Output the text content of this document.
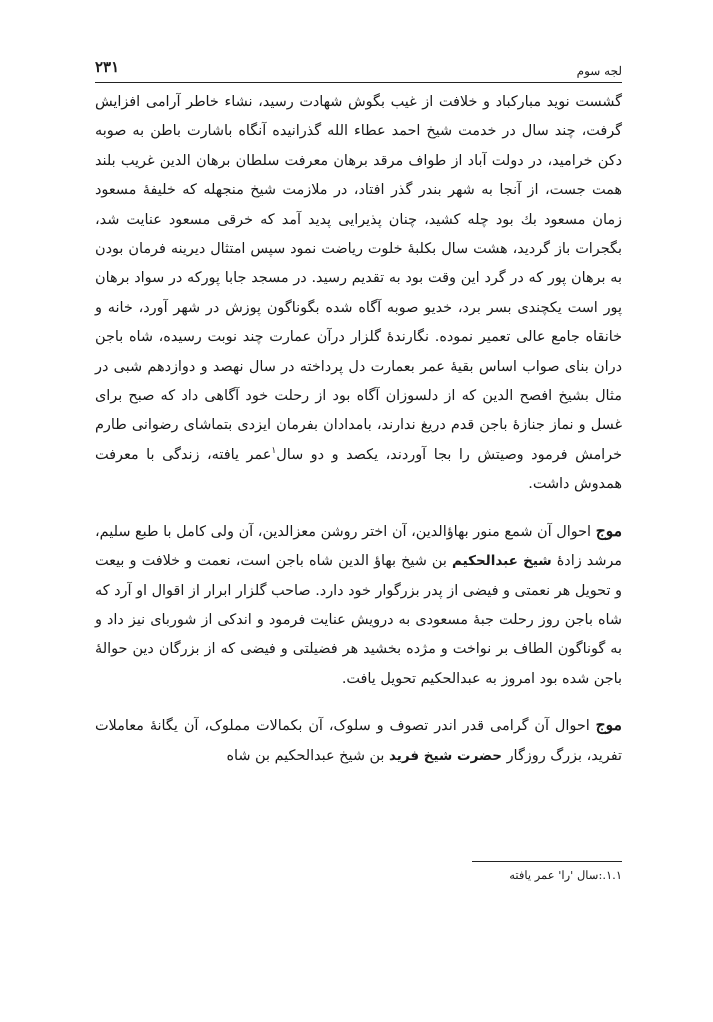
لجه سوم
۲۳۱

گشست نوید مبارکباد و خلافت از غیب بگوش شهادت رسید، نشاء خاطر آرامی افزایش گرفت، چند سال در خدمت شیخ احمد عطاء الله گذرانیده آنگاه باشارت باطن به صوبه دکن خرامید، در دولت آباد از طواف مرقد برهان معرفت سلطان برهان الدین غریب بلند همت جست، از آنجا به شهر بندر گذر افتاد، در ملازمت شیخ منجهله که خلیفهٔ مسعود زمان مسعود بك بود چله کشید، چنان پذیرایی پدید آمد که خرقی مسعود عنایت شد، بگجرات باز گردید، هشت سال بکلبهٔ خلوت ریاضت نمود سپس امتثال دیرینه فرمان بودن به برهان پور که در گرد این وقت بود به تقدیم رسید. در مسجد جابا پورکه در سواد برهان پور است یکچندی بسر برد، خدیو صوبه آگاه شده بگوناگون پوزش در شهر آورد، خانه و خانقاه جامع عالی تعمیر نموده. نگارندهٔ گلزار درآن عمارت چند نوبت رسیده، شاه باجن دران بنای صواب اساس بقیهٔ عمر بعمارت دل پرداخته در سال نهصد و دوازدهم شبی در مثال بشیخ افصح الدین که از دلسوزان آگاه بود از رحلت خود آگاهی داد که صبح برای غسل و نماز جنازهٔ باجن قدم دریغ ندارند، بامدادان بفرمان ایزدی بتماشای رضوانی طارم خرامش فرمود وصیتش را بجا آوردند، یکصد و دو سال$^۱$عمر یافته، زندگی با معرفت همدوش داشت.

موج احوال آن شمع منور بهاؤالدین، آن اختر روشن معزالدین، آن ولی کامل با طبع سلیم، مرشد زادهٔ شیخ عبدالحکیم بن شیخ بهاؤ الدین شاه باجن است، نعمت و خلافت و بیعت و تحویل هر نعمتی و فیضی از پدر بزرگوار خود دارد. صاحب گلزار ابرار از اقوال او آرد که شاه باجن روز رحلت جبهٔ مسعودی به درویش عنایت فرمود و اندکی از شوربای نیز داد و به گوناگون الطاف بر نواخت و مژده بخشید هر فضیلتی و فیضی که از بزرگان دین حوالهٔ باجن شده بود امروز به عبدالحکیم تحویل یافت.

موج احوال آن گرامی قدر اندر تصوف و سلوک، آن بکمالات مملوک، آن یگانهٔ معاملات تفرید، بزرگ روزگار حضرت شیخ فرید بن شیخ عبدالحکیم بن شاه

۱.۱.:سال 'را' عمر یافته
